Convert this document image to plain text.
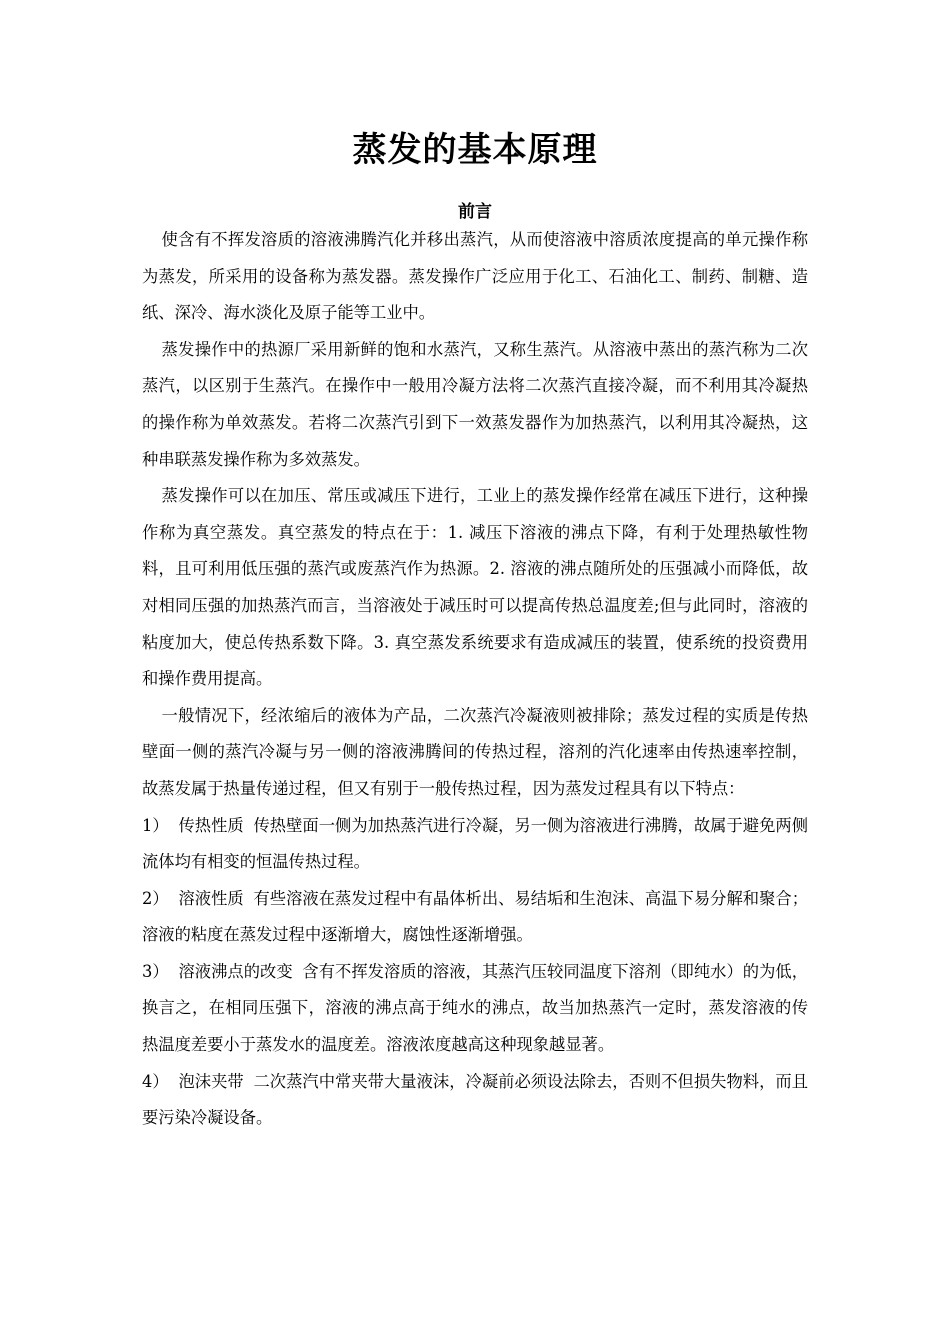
蒸发的基本原理
前言

使含有不挥发溶质的溶液沸腾汽化并移出蒸汽，从而使溶液中溶质浓度提高的单元操作称为蒸发，所采用的设备称为蒸发器。蒸发操作广泛应用于化工、石油化工、制药、制糖、造纸、深冷、海水淡化及原子能等工业中。

蒸发操作中的热源厂采用新鲜的饱和水蒸汽，又称生蒸汽。从溶液中蒸出的蒸汽称为二次蒸汽，以区别于生蒸汽。在操作中一般用冷凝方法将二次蒸汽直接冷凝，而不利用其冷凝热的操作称为单效蒸发。若将二次蒸汽引到下一效蒸发器作为加热蒸汽，以利用其冷凝热，这种串联蒸发操作称为多效蒸发。

蒸发操作可以在加压、常压或减压下进行，工业上的蒸发操作经常在减压下进行，这种操作称为真空蒸发。真空蒸发的特点在于：1. 减压下溶液的沸点下降，有利于处理热敏性物料，且可利用低压强的蒸汽或废蒸汽作为热源。2. 溶液的沸点随所处的压强减小而降低，故对相同压强的加热蒸汽而言，当溶液处于减压时可以提高传热总温度差;但与此同时，溶液的粘度加大，使总传热系数下降。3. 真空蒸发系统要求有造成减压的装置，使系统的投资费用和操作费用提高。

一般情况下，经浓缩后的液体为产品，二次蒸汽冷凝液则被排除；蒸发过程的实质是传热壁面一侧的蒸汽冷凝与另一侧的溶液沸腾间的传热过程，溶剂的汽化速率由传热速率控制，故蒸发属于热量传递过程，但又有别于一般传热过程，因为蒸发过程具有以下特点：

1） 传热性质 传热壁面一侧为加热蒸汽进行冷凝，另一侧为溶液进行沸腾，故属于避免两侧流体均有相变的恒温传热过程。

2） 溶液性质 有些溶液在蒸发过程中有晶体析出、易结垢和生泡沫、高温下易分解和聚合；溶液的粘度在蒸发过程中逐渐增大，腐蚀性逐渐增强。

3） 溶液沸点的改变 含有不挥发溶质的溶液，其蒸汽压较同温度下溶剂（即纯水）的为低，换言之，在相同压强下，溶液的沸点高于纯水的沸点，故当加热蒸汽一定时，蒸发溶液的传热温度差要小于蒸发水的温度差。溶液浓度越高这种现象越显著。

4） 泡沫夹带 二次蒸汽中常夹带大量液沫，冷凝前必须设法除去，否则不但损失物料，而且要污染冷凝设备。
